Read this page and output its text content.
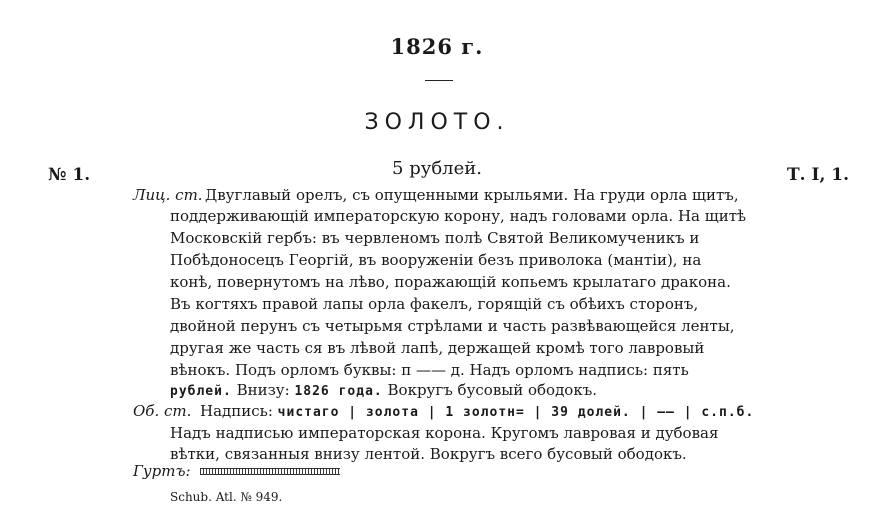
1826 г.
ЗОЛОТО.
№ 1.	5 рублей.	Т. I, 1.
Лиц. ст. Двуглавый орелъ, съ опущенными крыльями. На груди орла щитъ,
поддерживающій императорскую корону, надъ головами орла. На щитѣ
Московскій гербъ: въ червленомъ полѣ Святой Великомученикъ и
Побѣдоносецъ Георгій, въ вооруженіи безъ приволока (мантіи), на
конѣ, повернутомъ на лѣво, поражающій копьемъ крылатаго дракона.
Въ когтяхъ правой лапы орла факелъ, горящій съ обѣихъ сторонъ,
двойной перунъ съ четырьмя стрѣлами и часть развѣвающейся ленты,
другая же часть ся въ лѣвой лапѣ, держащей кромѣ того лавровый
вѣнокъ. Подъ орломъ буквы: п —— д. Надъ орломъ надпись: пять
рублей. Внизу: 1826 года. Вокругъ бусовый ободокъ.
Об. ст. Надпись: чистаго | золота | 1 золотн= | 39 долей. | —— | с.п.б.
Надъ надписью императорская корона. Кругомъ лавровая и дубовая
вѣтки, связанныя внизу лентой. Вокругъ всего бусовый ободокъ.
Гуртъ:
Schub. Atl. № 949.
